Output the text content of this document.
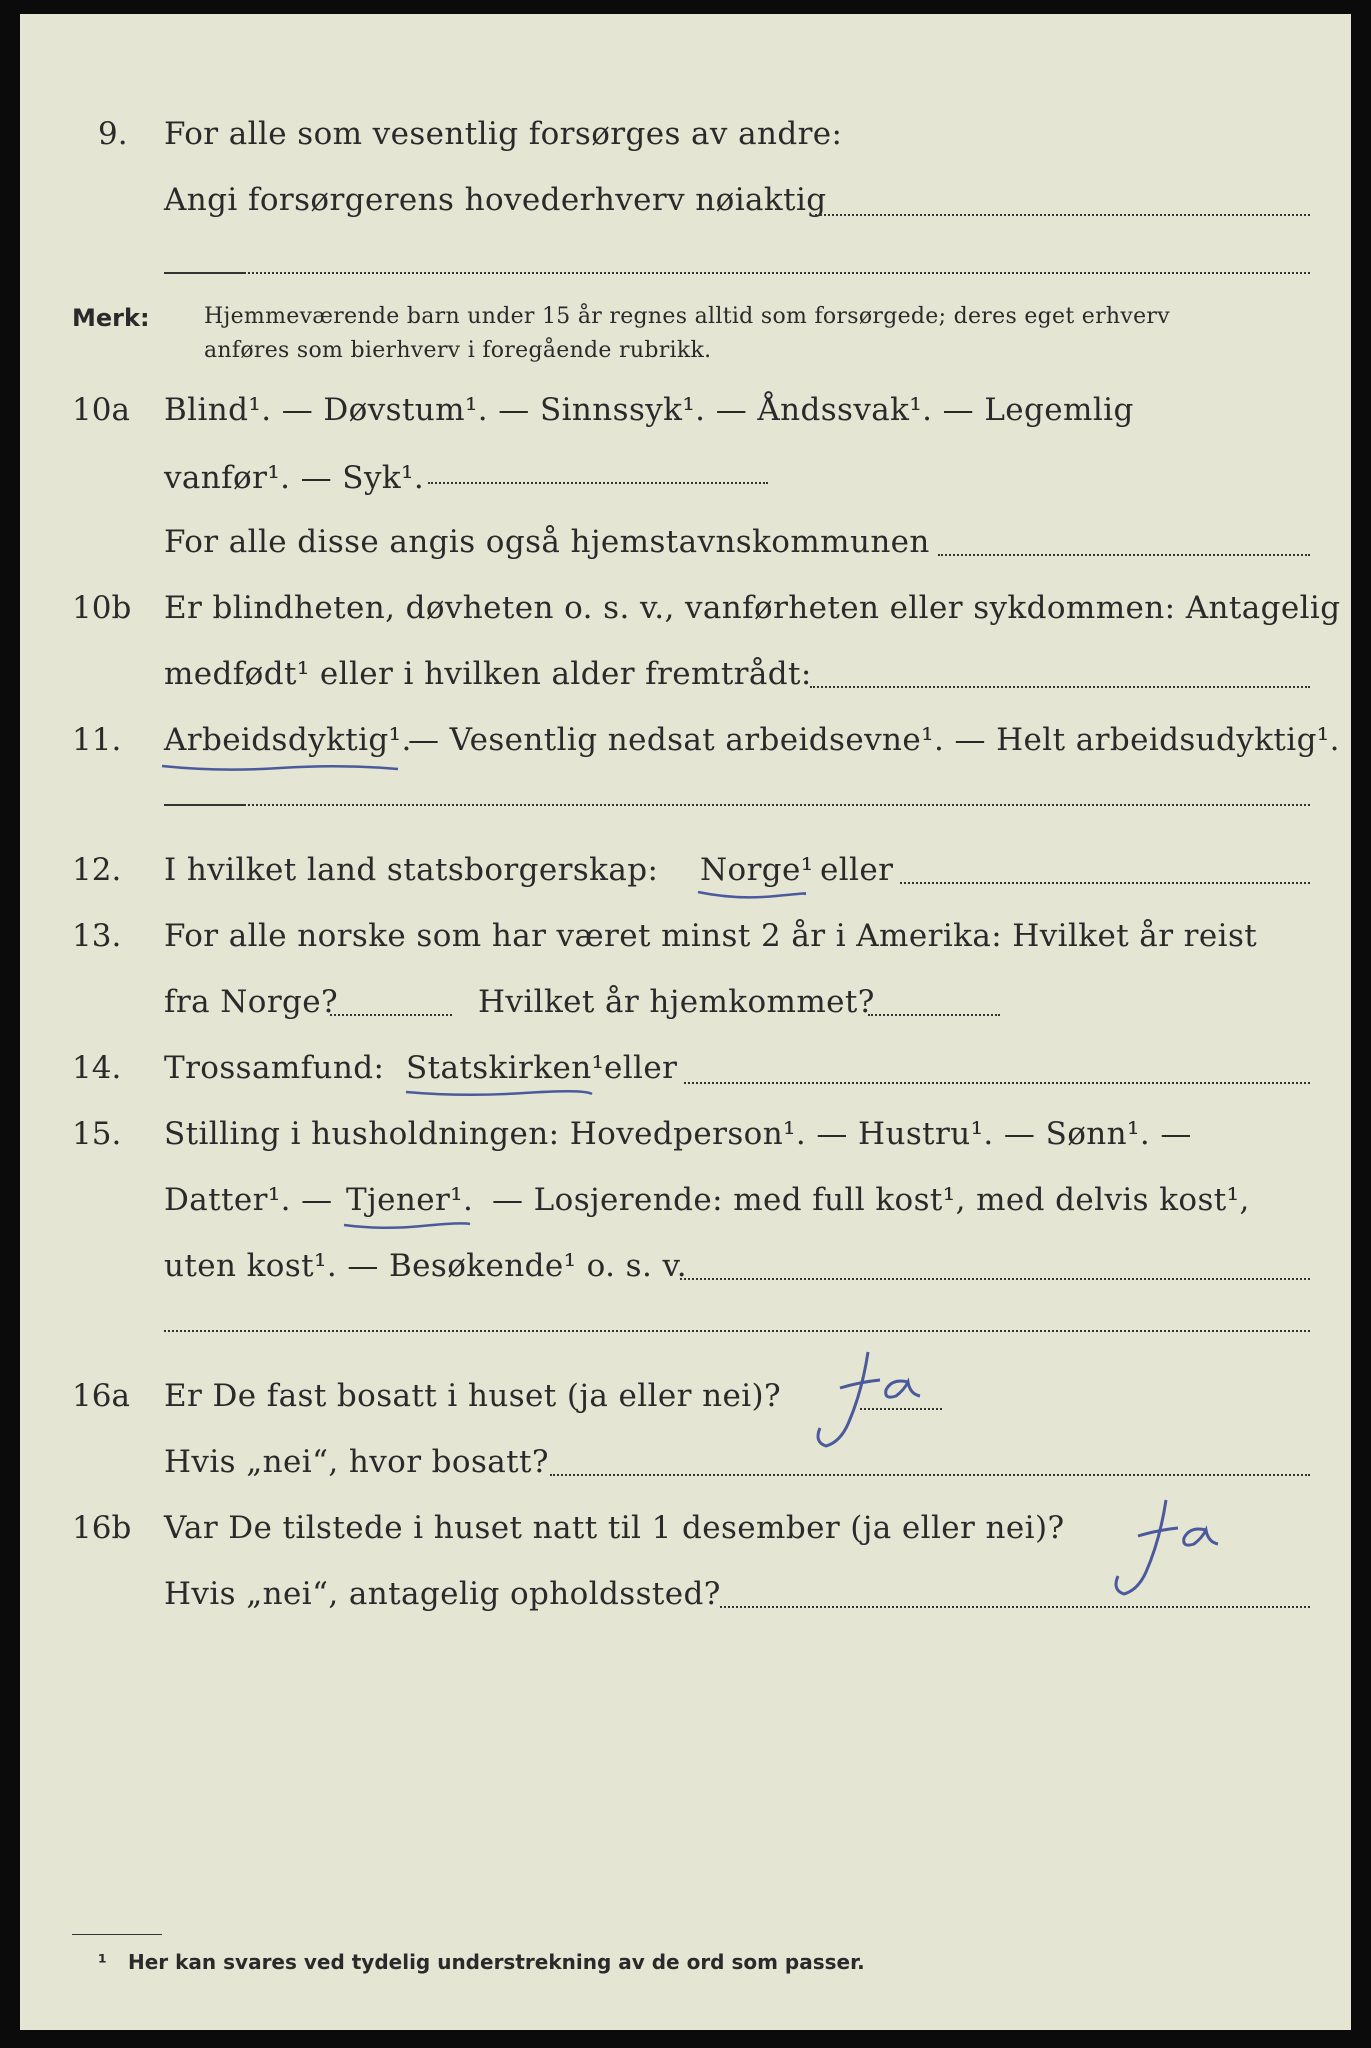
9. For alle som vesentlig forsørges av andre:
Angi forsørgerens hovederhverv nøiaktig
Merk: Hjemmeværende barn under 15 år regnes alltid som forsørgede; deres eget erhverv
anføres som bierhverv i foregående rubrikk.
10a Blind¹. — Døvstum¹. — Sinnssyk¹. — Åndssvak¹. — Legemlig
vanfør¹. — Syk¹.
For alle disse angis også hjemstavnskommunen
10b Er blindheten, døvheten o. s. v., vanførheten eller sykdommen: Antagelig
medfødt¹ eller i hvilken alder fremtrådt:
11. Arbeidsdyktig¹.
— Vesentlig nedsat arbeidsevne¹. — Helt arbeidsudyktig¹.
12. I hvilket land statsborgerskap: Norge¹ eller
13. For alle norske som har været minst 2 år i Amerika: Hvilket år reist
fra Norge?	Hvilket år hjemkommet?
14. Trossamfund: Statskirken¹ eller
15. Stilling i husholdningen: Hovedperson¹. — Hustru¹. — Sønn¹. —
Datter¹. — Tjener¹. — Losjerende: med full kost¹, med delvis kost¹,
uten kost¹. — Besøkende¹ o. s. v.
16a Er De fast bosatt i huset (ja eller nei)?
Hvis „nei“, hvor bosatt?
16b Var De tilstede i huset natt til 1 desember (ja eller nei)?
Hvis „nei“, antagelig opholdssted?
¹ Her kan svares ved tydelig understrekning av de ord som passer.
